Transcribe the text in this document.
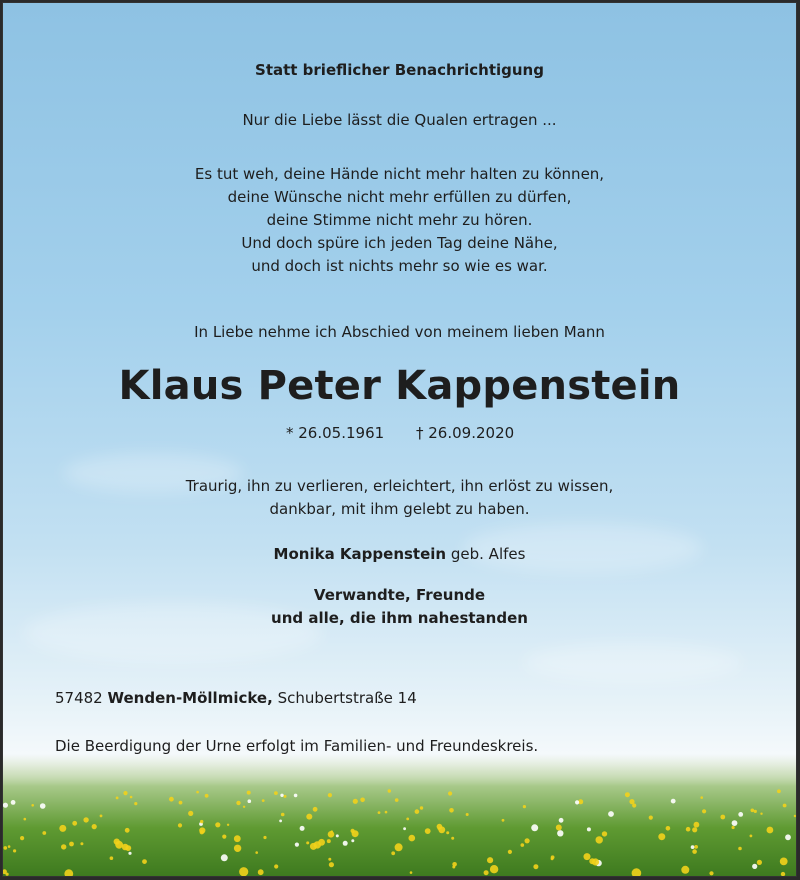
Statt brieflicher Benachrichtigung
Nur die Liebe lässt die Qualen ertragen ...
Es tut weh, deine Hände nicht mehr halten zu können,
deine Wünsche nicht mehr erfüllen zu dürfen,
deine Stimme nicht mehr zu hören.
Und doch spüre ich jeden Tag deine Nähe,
und doch ist nichts mehr so wie es war.
In Liebe nehme ich Abschied von meinem lieben Mann
Klaus Peter Kappenstein
* 26.05.1961 † 26.09.2020
Traurig, ihn zu verlieren, erleichtert, ihn erlöst zu wissen,
dankbar, mit ihm gelebt zu haben.
Monika Kappenstein geb. Alfes
Verwandte, Freunde
und alle, die ihm nahestanden
57482 Wenden-Möllmicke, Schubertstraße 14
Die Beerdigung der Urne erfolgt im Familien- und Freundeskreis.
